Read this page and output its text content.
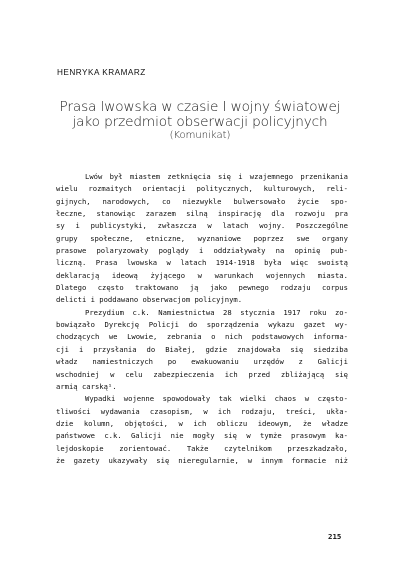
HENRYKA KRAMARZ
Prasa lwowska w czasie I wojny światowej
jako przedmiot obserwacji policyjnych
(Komunikat)
Lwów był miastem zetknięcia się i wzajemnego przenikania
wielu rozmaitych orientacji politycznych, kulturowych, reli-
gijnych, narodowych, co niezwykle bulwersowało życie spo-
łeczne, stanowiąc zarazem silną inspirację dla rozwoju pra
sy i publicystyki, zwłaszcza w latach wojny. Poszczególne
grupy społeczne, etniczne, wyznaniowe poprzez swe organy
prasowe polaryzowały poglądy i oddziaływały na opinię pub-
liczną. Prasa lwowska w latach 1914-1918 była więc swoistą
deklaracją ideową żyjącego w warunkach wojennych miasta.
Dlatego często traktowano ją jako pewnego rodzaju corpus
delicti i poddawano obserwacjom policyjnym.
Prezydium c.k. Namiestnictwa 28 stycznia 1917 roku zo-
bowiązało Dyrekcję Policji do sporządzenia wykazu gazet wy-
chodzących we Lwowie, zebrania o nich podstawowych informa-
cji i przysłania do Białej, gdzie znajdowała się siedziba
władz namiestniczych po ewakuowaniu urzędów z Galicji
wschodniej w celu zabezpieczenia ich przed zbliżającą się
armią carską¹.
Wypadki wojenne spowodowały tak wielki chaos w często-
tliwości wydawania czasopism, w ich rodzaju, treści, ukła-
dzie kolumn, objętości, w ich obliczu ideowym, że władze
państwowe c.k. Galicji nie mogły się w tymże prasowym ka-
lejdoskopie zorientować. Także czytelnikom przeszkadzało,
że gazety ukazywały się nieregularnie, w innym formacie niż
215
